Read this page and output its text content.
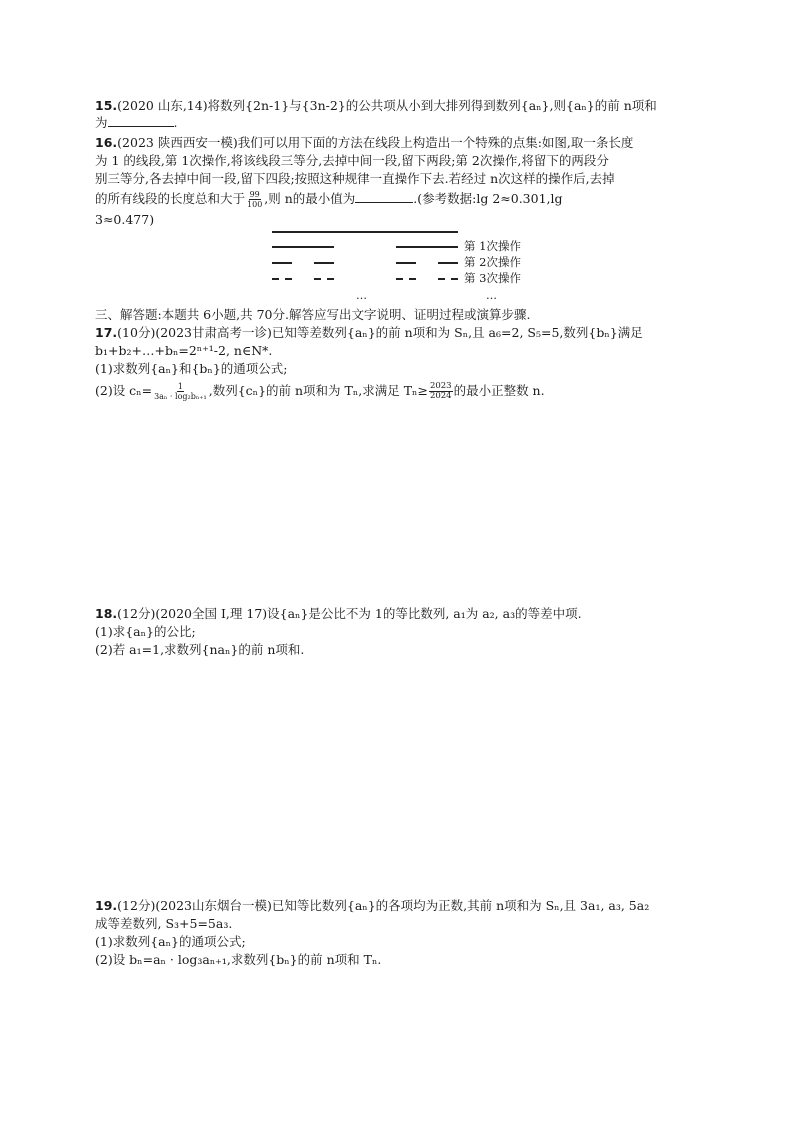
15.(2020 山东,14)将数列{2n-1}与{3n-2}的公共项从小到大排列得到数列{aₙ},则{aₙ}的前 n项和
为	.
16.(2023 陕西西安一模)我们可以用下面的方法在线段上构造出一个特殊的点集:如图,取一条长度
为 1 的线段,第 1次操作,将该线段三等分,去掉中间一段,留下两段;第 2次操作,将留下的两段分
别三等分,各去掉中间一段,留下四段;按照这种规律一直操作下去.若经过 n次这样的操作后,去掉
的所有线段的长度总和大于 $\frac{99}{100}$ ,则 n的最小值为	.(参考数据:lg 2≈0.301,lg
3≈0.477)
第 1次操作
第 2次操作
第 3次操作
…	…
三、解答题:本题共 6小题,共 70分.解答应写出文字说明、证明过程或演算步骤.
17.(10分)(2023甘肃高考一诊)已知等差数列{aₙ}的前 n项和为 Sₙ,且 a₆=2, S₅=5,数列{bₙ}满足
b₁+b₂+…+bₙ=2ⁿ⁺¹-2, n∈N*.
(1)求数列{aₙ}和{bₙ}的通项公式;
(2)设 $c_n= \frac{1}{\text{3aₙ · log₂bₙ₊₁}}$ ,数列{cₙ}的前 n项和为 Tₙ,求满足 $T_n\ge \frac{2023}{2024}$ 的最小正整数 n.
18.(12分)(2020全国 Ⅰ,理 17)设{aₙ}是公比不为 1的等比数列, a₁为 a₂, a₃的等差中项.
(1)求{aₙ}的公比;
(2)若 a₁=1,求数列{naₙ}的前 n项和.
19.(12分)(2023山东烟台一模)已知等比数列{aₙ}的各项均为正数,其前 n项和为 Sₙ,且 3a₁, a₃, 5a₂
成等差数列, S₃+5=5a₃.
(1)求数列{aₙ}的通项公式;
(2)设 bₙ=aₙ · log₃aₙ₊₁,求数列{bₙ}的前 n项和 Tₙ.
